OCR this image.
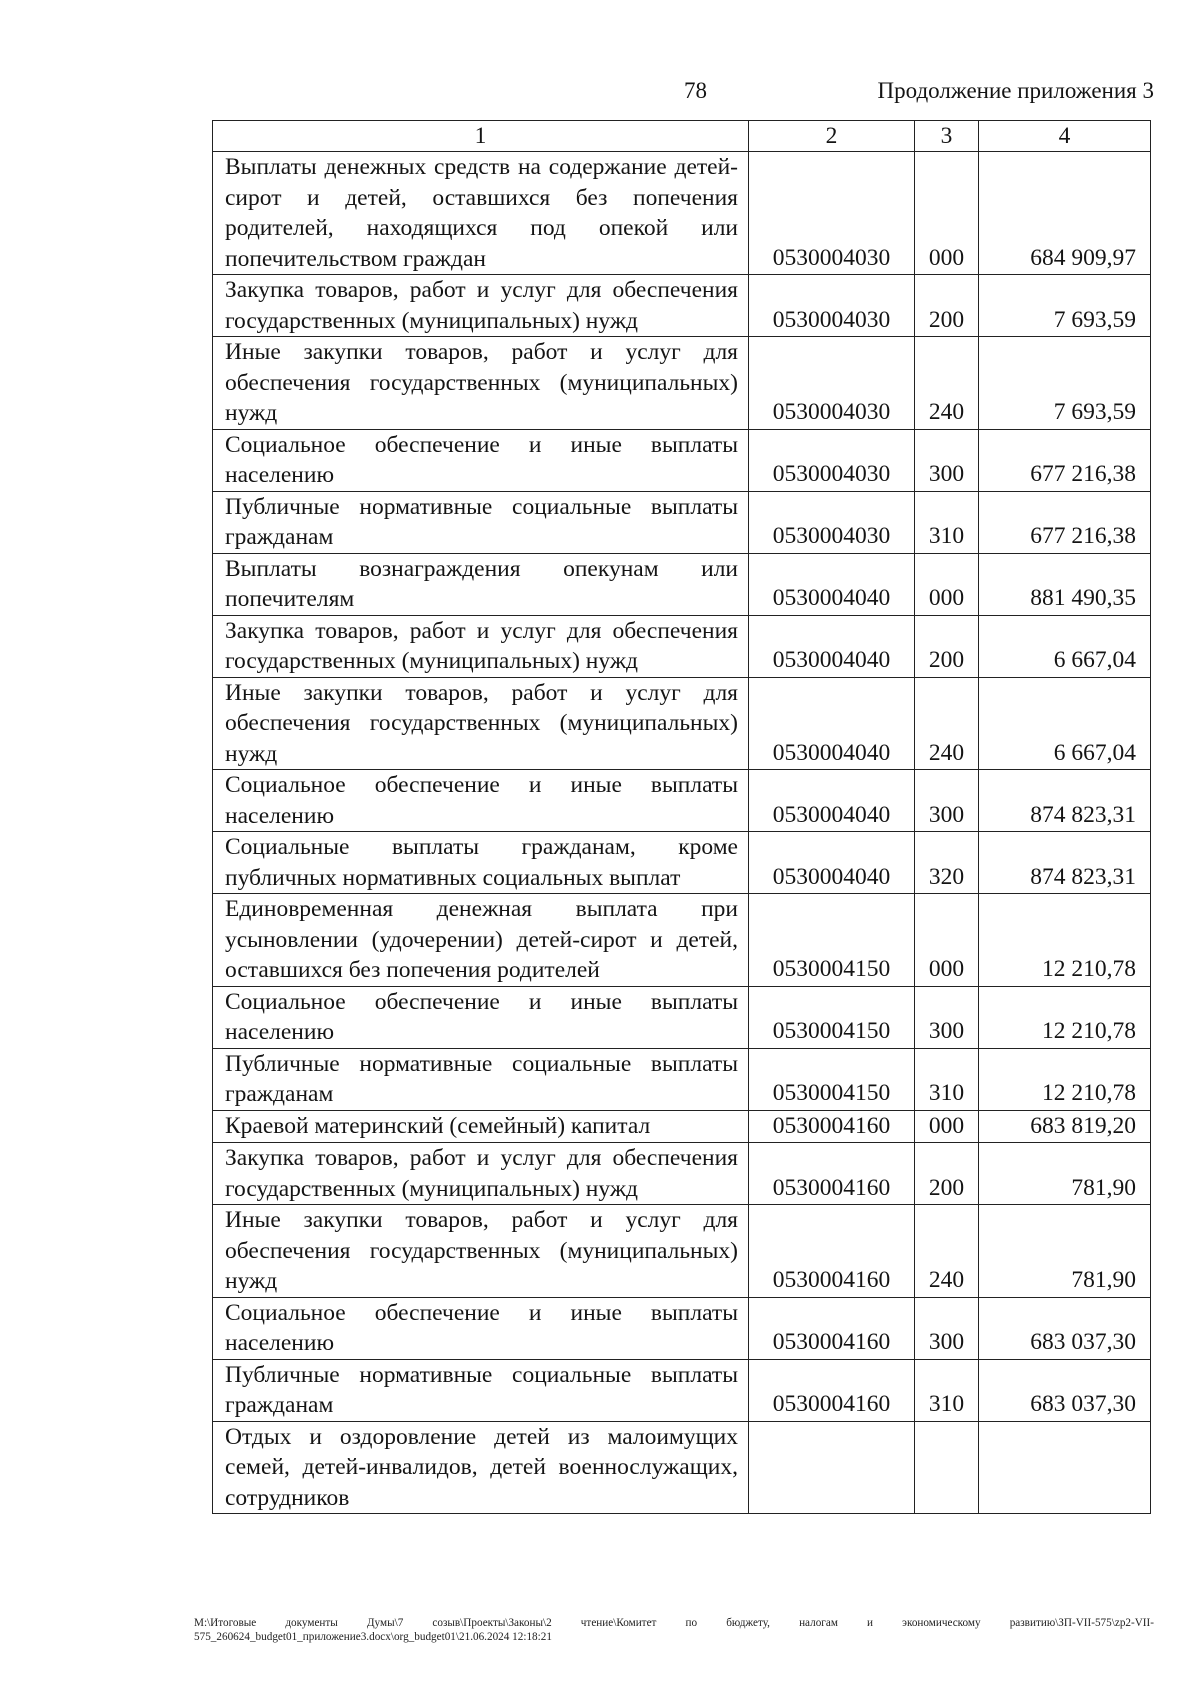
78	Продолжение приложения 3
1	2	3	4
Выплаты денежных средств на содержание детей-сирот и детей, оставшихся без попечения родителей, находящихся под опекой или попечительством граждан	0530004030	000	684 909,97
Закупка товаров, работ и услуг для обеспечения государственных (муниципальных) нужд	0530004030	200	7 693,59
Иные закупки товаров, работ и услуг для обеспечения государственных (муниципальных) нужд	0530004030	240	7 693,59
Социальное обеспечение и иные выплаты населению	0530004030	300	677 216,38
Публичные нормативные социальные выплаты гражданам	0530004030	310	677 216,38
Выплаты вознаграждения опекунам или попечителям	0530004040	000	881 490,35
Закупка товаров, работ и услуг для обеспечения государственных (муниципальных) нужд	0530004040	200	6 667,04
Иные закупки товаров, работ и услуг для обеспечения государственных (муниципальных) нужд	0530004040	240	6 667,04
Социальное обеспечение и иные выплаты населению	0530004040	300	874 823,31
Социальные выплаты гражданам, кроме публичных нормативных социальных выплат	0530004040	320	874 823,31
Единовременная денежная выплата при усыновлении (удочерении) детей-сирот и детей, оставшихся без попечения родителей	0530004150	000	12 210,78
Социальное обеспечение и иные выплаты населению	0530004150	300	12 210,78
Публичные нормативные социальные выплаты гражданам	0530004150	310	12 210,78
Краевой материнский (семейный) капитал	0530004160	000	683 819,20
Закупка товаров, работ и услуг для обеспечения государственных (муниципальных) нужд	0530004160	200	781,90
Иные закупки товаров, работ и услуг для обеспечения государственных (муниципальных) нужд	0530004160	240	781,90
Социальное обеспечение и иные выплаты населению	0530004160	300	683 037,30
Публичные нормативные социальные выплаты гражданам	0530004160	310	683 037,30
Отдых и оздоровление детей из малоимущих семей, детей-инвалидов, детей военнослужащих, сотрудников			
M:\Итоговые документы Думы\7 созыв\Проекты\Законы\2 чтение\Комитет по бюджету, налогам и экономическому развитию\ЗП-VII-575\zp2-VII-575_260624_budget01_приложение3.docx\org_budget01\21.06.2024 12:18:21
